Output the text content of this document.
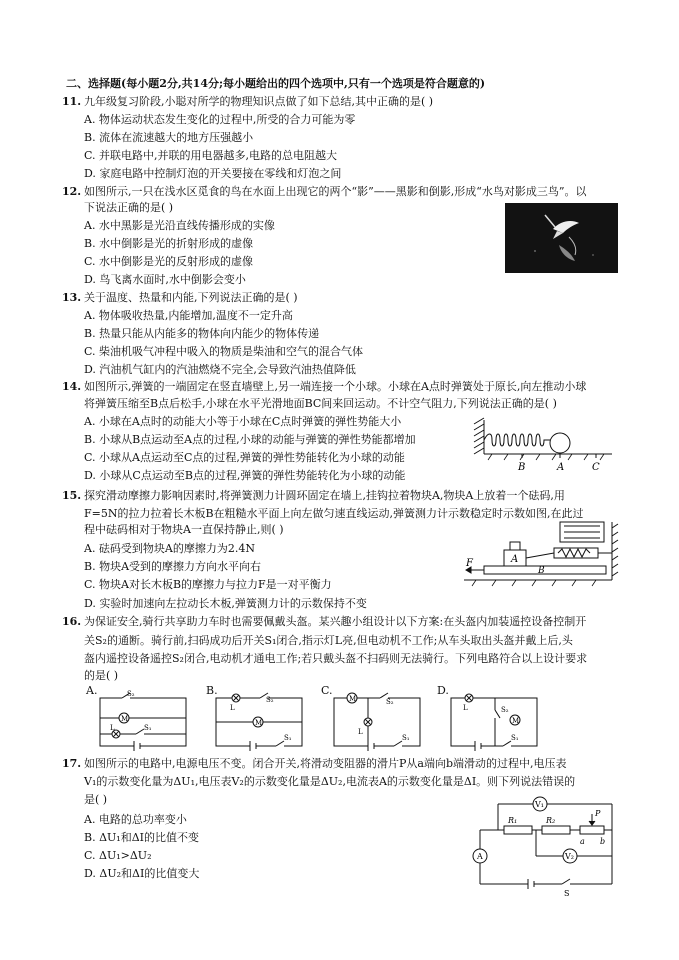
二、选择题(每小题2分,共14分;每小题给出的四个选项中,只有一个选项是符合题意的)
11. 九年级复习阶段,小聪对所学的物理知识点做了如下总结,其中正确的是( )
A. 物体运动状态发生变化的过程中,所受的合力可能为零
B. 流体在流速越大的地方压强越小
C. 并联电路中,并联的用电器越多,电路的总电阻越大
D. 家庭电路中控制灯泡的开关要接在零线和灯泡之间
12. 如图所示,一只在浅水区觅食的鸟在水面上出现它的两个“影”——黑影和倒影,形成“水鸟对影成三鸟”。以
下说法正确的是( )
A. 水中黑影是光沿直线传播形成的实像
B. 水中倒影是光的折射形成的虚像
C. 水中倒影是光的反射形成的虚像
D. 鸟飞离水面时,水中倒影会变小
13. 关于温度、热量和内能,下列说法正确的是( )
A. 物体吸收热量,内能增加,温度不一定升高
B. 热量只能从内能多的物体向内能少的物体传递
C. 柴油机吸气冲程中吸入的物质是柴油和空气的混合气体
D. 汽油机气缸内的汽油燃烧不完全,会导致汽油热值降低
14. 如图所示,弹簧的一端固定在竖直墙壁上,另一端连接一个小球。小球在A点时弹簧处于原长,向左推动小球
将弹簧压缩至B点后松手,小球在水平光滑地面BC间来回运动。不计空气阻力,下列说法正确的是( )
A. 小球在A点时的动能大小等于小球在C点时弹簧的弹性势能大小
B. 小球从B点运动至A点的过程,小球的动能与弹簧的弹性势能都增加
C. 小球从A点运动至C点的过程,弹簧的弹性势能转化为小球的动能
D. 小球从C点运动至B点的过程,弹簧的弹性势能转化为小球的动能
B	A	C
15. 探究滑动摩擦力影响因素时,将弹簧测力计圆环固定在墙上,挂钩拉着物块A,物块A上放着一个砝码,用
F=5N的拉力拉着长木板B在粗糙水平面上向左做匀速直线运动,弹簧测力计示数稳定时示数如图,在此过
程中砝码相对于物块A一直保持静止,则( )
A. 砝码受到物块A的摩擦力为2.4N
B. 物块A受到的摩擦力方向水平向右
C. 物块A对长木板B的摩擦力与拉力F是一对平衡力
D. 实验时加速向左拉动长木板,弹簧测力计的示数保持不变
A
B
F
16. 为保证安全,骑行共享助力车时也需要佩戴头盔。某兴趣小组设计以下方案:在头盔内加装遥控设备控制开
关S₂的通断。骑行前,扫码成功后开关S₁闭合,指示灯L亮,但电动机不工作;从车头取出头盔并戴上后,头
盔内遥控设备遥控S₂闭合,电动机才通电工作;若只戴头盔不扫码则无法骑行。下列电路符合以上设计要求
的是( )
A.	B.	C.	D.
M
S₂
L	S₁
L
S₂
M
S₁
M	S₂
L
S₁
L	S₂
M
S₁
17. 如图所示的电路中,电源电压不变。闭合开关,将滑动变阻器的滑片P从a端向b端滑动的过程中,电压表
V₁的示数变化量为ΔU₁,电压表V₂的示数变化量是ΔU₂,电流表A的示数变化量是ΔI。则下列说法错误的
是( )
A. 电路的总功率变小
B. ΔU₁和ΔI的比值不变
C. ΔU₁>ΔU₂
D. ΔU₂和ΔI的比值变大
V₁
R₁	R₂
P
a b
A	V₂
S
